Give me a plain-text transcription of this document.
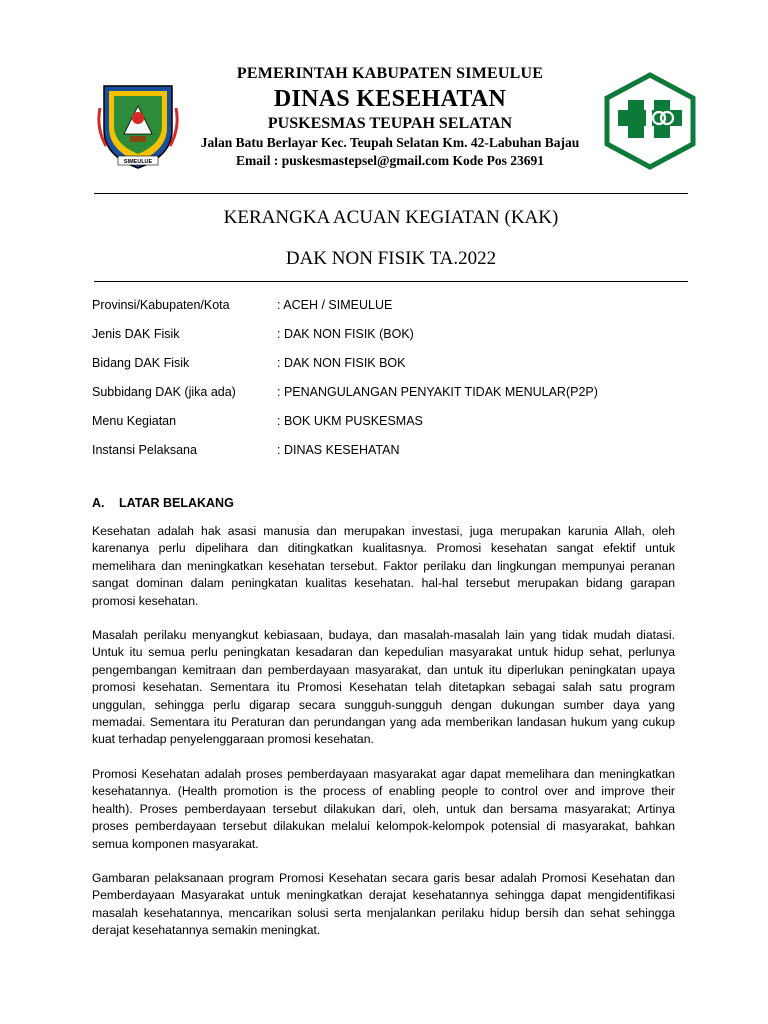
SIMEULUE
PEMERINTAH KABUPATEN SIMEULUE
DINAS KESEHATAN
PUSKESMAS TEUPAH SELATAN
Jalan Batu Berlayar Kec. Teupah Selatan Km. 42-Labuhan Bajau
Email : puskesmastepsel@gmail.com Kode Pos 23691
KERANGKA ACUAN KEGIATAN (KAK)
DAK NON FISIK TA.2022
Provinsi/Kabupaten/Kota	: ACEH / SIMEULUE
Jenis DAK Fisik	: DAK NON FISIK (BOK)
Bidang DAK Fisik	: DAK NON FISIK BOK
Subbidang DAK (jika ada)	: PENANGULANGAN PENYAKIT TIDAK MENULAR(P2P)
Menu Kegiatan	: BOK UKM PUSKESMAS
Instansi Pelaksana	: DINAS KESEHATAN
A. LATAR BELAKANG

Kesehatan adalah hak asasi manusia dan merupakan investasi, juga merupakan karunia Allah, oleh karenanya perlu dipelihara dan ditingkatkan kualitasnya. Promosi kesehatan sangat efektif untuk memelihara dan meningkatkan kesehatan tersebut. Faktor perilaku dan lingkungan mempunyai peranan sangat dominan dalam peningkatan kualitas kesehatan. hal-hal tersebut merupakan bidang garapan promosi kesehatan.

Masalah perilaku menyangkut kebiasaan, budaya, dan masalah-masalah lain yang tidak mudah diatasi. Untuk itu semua perlu peningkatan kesadaran dan kepedulian masyarakat untuk hidup sehat, perlunya pengembangan kemitraan dan pemberdayaan masyarakat, dan untuk itu diperlukan peningkatan upaya promosi kesehatan. Sementara itu Promosi Kesehatan telah ditetapkan sebagai salah satu program unggulan, sehingga perlu digarap secara sungguh-sungguh dengan dukungan sumber daya yang memadai. Sementara itu Peraturan dan perundangan yang ada memberikan landasan hukum yang cukup kuat terhadap penyelenggaraan promosi kesehatan.

Promosi Kesehatan adalah proses pemberdayaan masyarakat agar dapat memelihara dan meningkatkan kesehatannya. (Health promotion is the process of enabling people to control over and improve their health). Proses pemberdayaan tersebut dilakukan dari, oleh, untuk dan bersama masyarakat; Artinya proses pemberdayaan tersebut dilakukan melalui kelompok-kelompok potensial di masyarakat, bahkan semua komponen masyarakat.

Gambaran pelaksanaan program Promosi Kesehatan secara garis besar adalah Promosi Kesehatan dan Pemberdayaan Masyarakat untuk meningkatkan derajat kesehatannya sehingga dapat mengidentifikasi masalah kesehatannya, mencarikan solusi serta menjalankan perilaku hidup bersih dan sehat sehingga derajat kesehatannya semakin meningkat.
